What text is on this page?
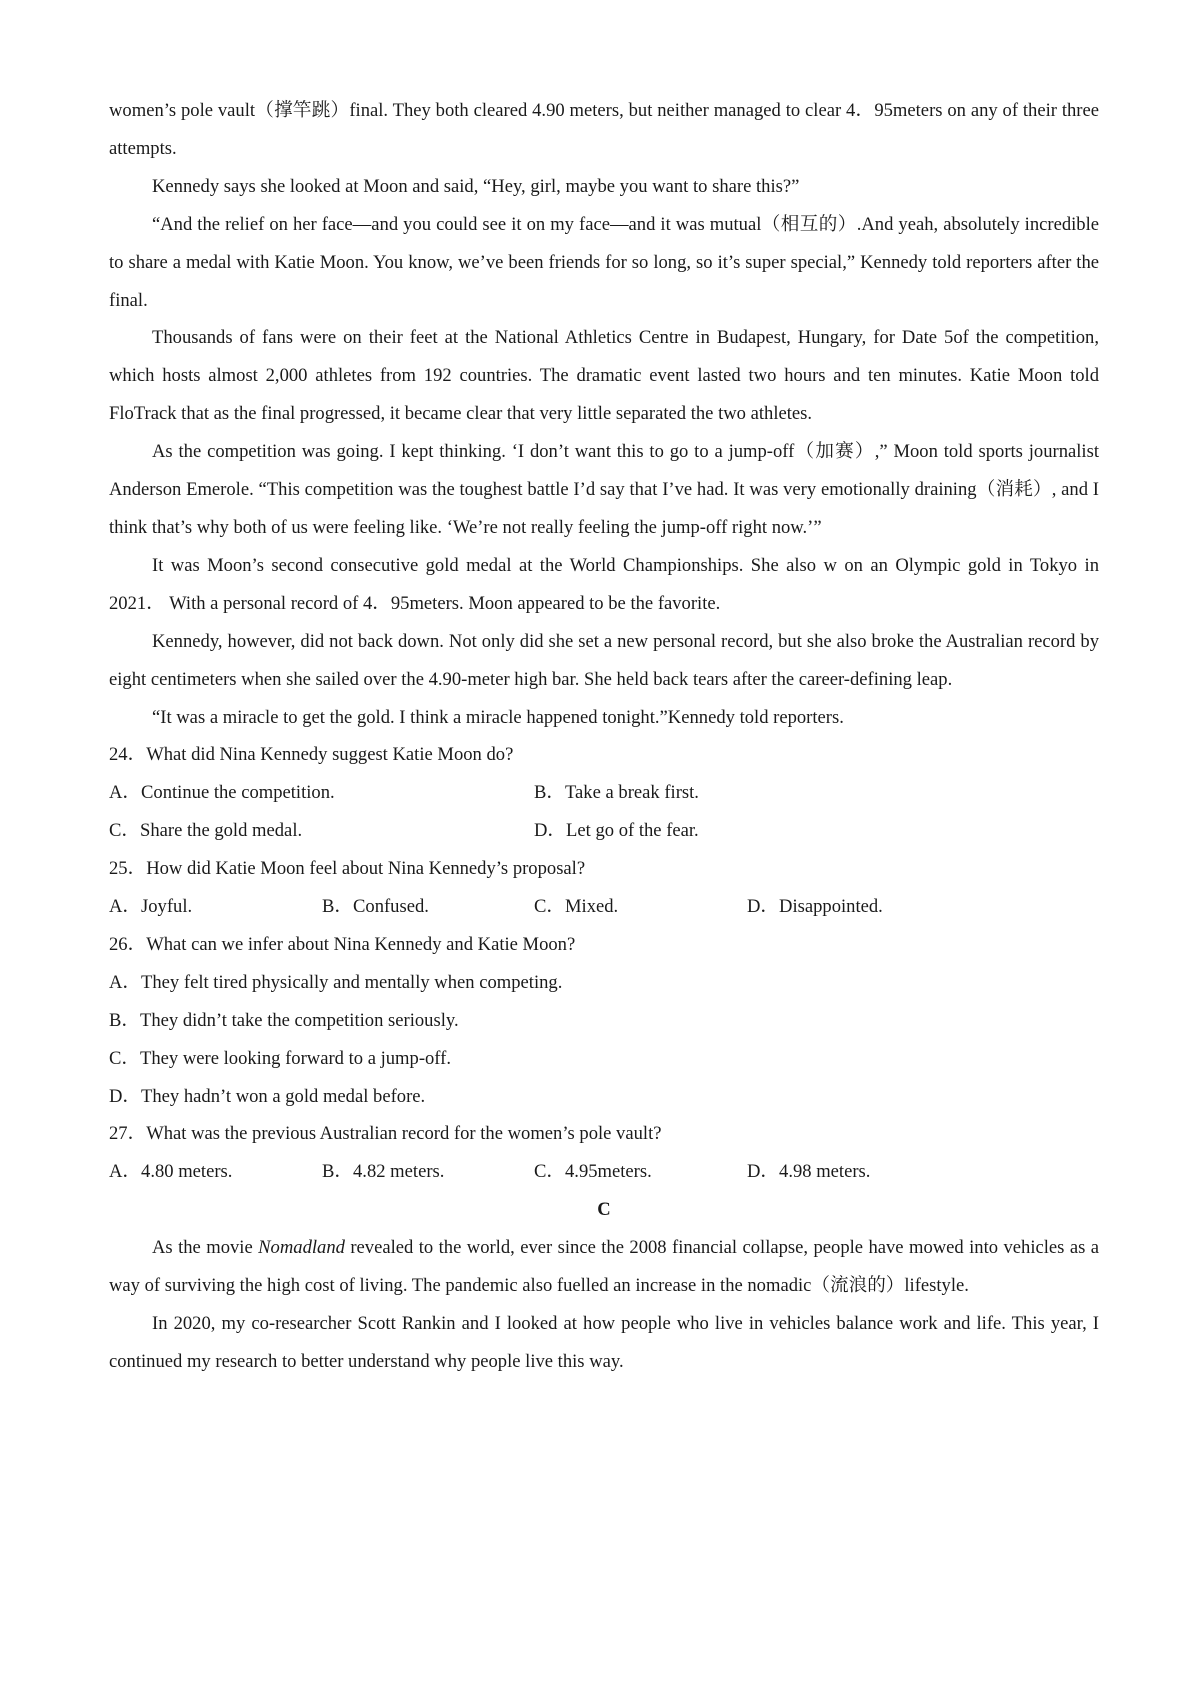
women’s pole vault（撑竿跳）final. They both cleared 4.90 meters, but neither managed to clear 4．95meters on any of their three attempts.

Kennedy says she looked at Moon and said, “Hey, girl, maybe you want to share this?”

“And the relief on her face—and you could see it on my face—and it was mutual（相互的）.And yeah, absolutely incredible to share a medal with Katie Moon. You know, we’ve been friends for so long, so it’s super special,” Kennedy told reporters after the final.

Thousands of fans were on their feet at the National Athletics Centre in Budapest, Hungary, for Date 5of the competition, which hosts almost 2,000 athletes from 192 countries. The dramatic event lasted two hours and ten minutes. Katie Moon told FloTrack that as the final progressed, it became clear that very little separated the two athletes.

As the competition was going. I kept thinking. ‘I don’t want this to go to a jump-off（加赛）,” Moon told sports journalist Anderson Emerole. “This competition was the toughest battle I’d say that I’ve had. It was very emotionally draining（消耗）, and I think that’s why both of us were feeling like. ‘We’re not really feeling the jump-off right now.’”

It was Moon’s second consecutive gold medal at the World Championships. She also w on an Olympic gold in Tokyo in 2021． With a personal record of 4．95meters. Moon appeared to be the favorite.

Kennedy, however, did not back down. Not only did she set a new personal record, but she also broke the Australian record by eight centimeters when she sailed over the 4.90-meter high bar. She held back tears after the career-defining leap.

“It was a miracle to get the gold. I think a miracle happened tonight.”Kennedy told reporters.

24．What did Nina Kennedy suggest Katie Moon do?

A．Continue the competition.	B．Take a break first.
C．Share the gold medal.	D．Let go of the fear.

25．How did Katie Moon feel about Nina Kennedy’s proposal?

A．Joyful.	B．Confused.	C．Mixed.	D．Disappointed.

26．What can we infer about Nina Kennedy and Katie Moon?

A．They felt tired physically and mentally when competing.

B．They didn’t take the competition seriously.

C．They were looking forward to a jump-off.

D．They hadn’t won a gold medal before.

27．What was the previous Australian record for the women’s pole vault?

A．4.80 meters.	B．4.82 meters.	C．4.95meters.	D．4.98 meters.

C

As the movie Nomadland revealed to the world, ever since the 2008 financial collapse, people have mowed into vehicles as a way of surviving the high cost of living. The pandemic also fuelled an increase in the nomadic（流浪的）lifestyle.

In 2020, my co-researcher Scott Rankin and I looked at how people who live in vehicles balance work and life. This year, I continued my research to better understand why people live this way.
